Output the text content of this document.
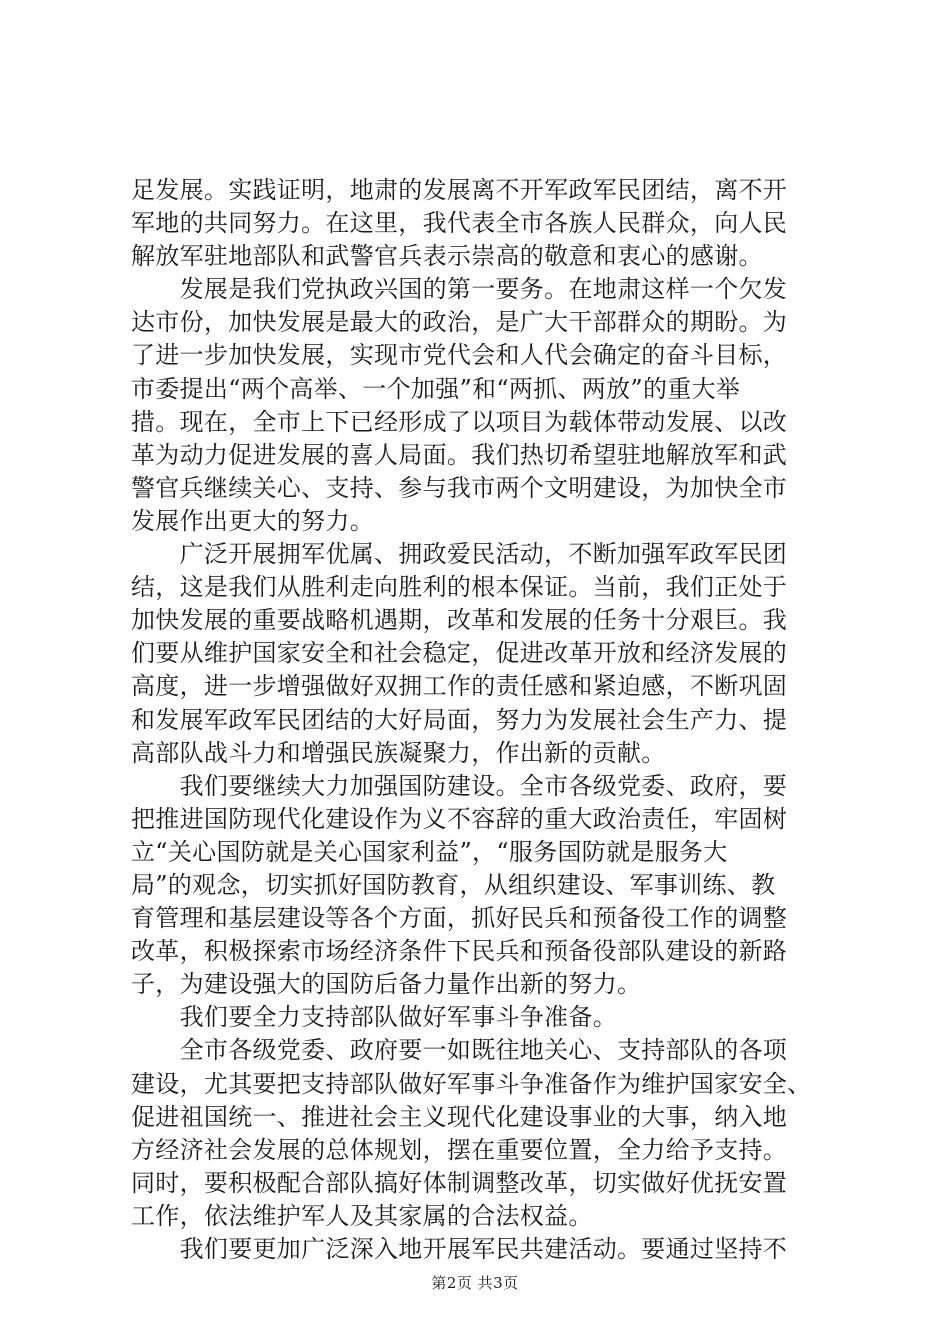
足发展。实践证明，地肃的发展离不开军政军民团结，离不开
军地的共同努力。在这里，我代表全市各族人民群众，向人民
解放军驻地部队和武警官兵表示崇高的敬意和衷心的感谢。
　　发展是我们党执政兴国的第一要务。在地肃这样一个欠发
达市份，加快发展是最大的政治，是广大干部群众的期盼。为
了进一步加快发展，实现市党代会和人代会确定的奋斗目标，
市委提出“两个高举、一个加强”和“两抓、两放”的重大举
措。现在，全市上下已经形成了以项目为载体带动发展、以改
革为动力促进发展的喜人局面。我们热切希望驻地解放军和武
警官兵继续关心、支持、参与我市两个文明建设，为加快全市
发展作出更大的努力。
　　广泛开展拥军优属、拥政爱民活动，不断加强军政军民团
结，这是我们从胜利走向胜利的根本保证。当前，我们正处于
加快发展的重要战略机遇期，改革和发展的任务十分艰巨。我
们要从维护国家安全和社会稳定，促进改革开放和经济发展的
高度，进一步增强做好双拥工作的责任感和紧迫感，不断巩固
和发展军政军民团结的大好局面，努力为发展社会生产力、提
高部队战斗力和增强民族凝聚力，作出新的贡献。
　　我们要继续大力加强国防建设。全市各级党委、政府，要
把推进国防现代化建设作为义不容辞的重大政治责任，牢固树
立“关心国防就是关心国家利益”，“服务国防就是服务大
局”的观念，切实抓好国防教育，从组织建设、军事训练、教
育管理和基层建设等各个方面，抓好民兵和预备役工作的调整
改革，积极探索市场经济条件下民兵和预备役部队建设的新路
子，为建设强大的国防后备力量作出新的努力。
　　我们要全力支持部队做好军事斗争准备。
　　全市各级党委、政府要一如既往地关心、支持部队的各项
建设，尤其要把支持部队做好军事斗争准备作为维护国家安全、
促进祖国统一、推进社会主义现代化建设事业的大事，纳入地
方经济社会发展的总体规划，摆在重要位置，全力给予支持。
同时，要积极配合部队搞好体制调整改革，切实做好优抚安置
工作，依法维护军人及其家属的合法权益。
　　我们要更加广泛深入地开展军民共建活动。要通过坚持不
第2页 共3页
